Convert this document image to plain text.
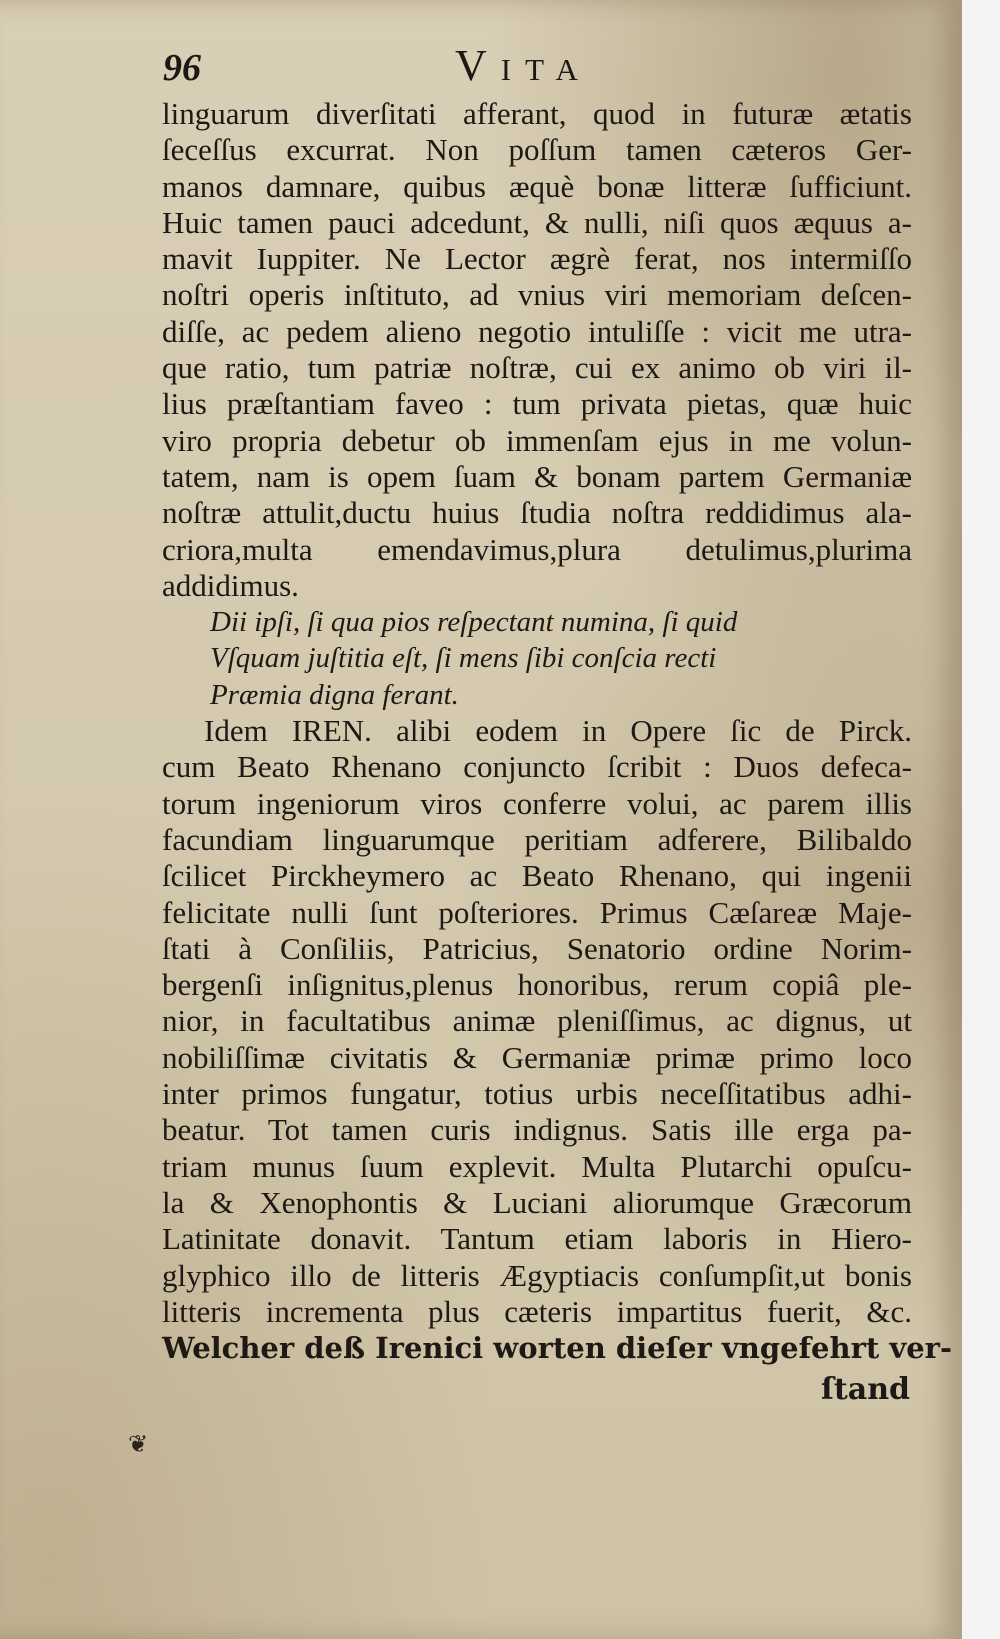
96	Vita
linguarum diverſitati afferant, quod in futuræ ætatis
ſeceſſus excurrat. Non poſſum tamen cæteros Ger-
manos damnare, quibus æquè bonæ litteræ ſufficiunt.
Huic tamen pauci adcedunt, & nulli, niſi quos æquus a-
mavit Iuppiter. Ne Lector ægrè ferat, nos intermiſſo
noſtri operis inſtituto, ad vnius viri memoriam deſcen-
diſſe, ac pedem alieno negotio intuliſſe : vicit me utra-
que ratio, tum patriæ noſtræ, cui ex animo ob viri il-
lius præſtantiam faveo : tum privata pietas, quæ huic
viro propria debetur ob immenſam ejus in me volun-
tatem, nam is opem ſuam & bonam partem Germaniæ
noſtræ attulit,ductu huius ſtudia noſtra reddidimus ala-
criora,multa emendavimus,plura detulimus,plurima
addidimus.
Dii ipſi, ſi qua pios reſpectant numina, ſi quid
Vſquam juſtitia eſt, ſi mens ſibi conſcia recti
Præmia digna ferant.
Idem IREN. alibi eodem in Opere ſic de Pirck.
cum Beato Rhenano conjuncto ſcribit : Duos defeca-
torum ingeniorum viros conferre volui, ac parem illis
facundiam linguarumque peritiam adferere, Bilibaldo
ſcilicet Pirckheymero ac Beato Rhenano, qui ingenii
felicitate nulli ſunt poſteriores. Primus Cæſareæ Maje-
ſtati à Conſiliis, Patricius, Senatorio ordine Norim-
bergenſi inſignitus,plenus honoribus, rerum copiâ ple-
nior, in facultatibus animæ pleniſſimus, ac dignus, ut
nobiliſſimæ civitatis & Germaniæ primæ primo loco
inter primos fungatur, totius urbis neceſſitatibus adhi-
beatur. Tot tamen curis indignus. Satis ille erga pa-
triam munus ſuum explevit. Multa Plutarchi opuſcu-
la & Xenophontis & Luciani aliorumque Græcorum
Latinitate donavit. Tantum etiam laboris in Hiero-
glyphico illo de litteris Ægyptiacis conſumpſit,ut bonis
litteris incrementa plus cæteris impartitus fuerit, &c.
Welcher deß Irenici worten dieſer vngefehrt ver-
ſtand
❦
